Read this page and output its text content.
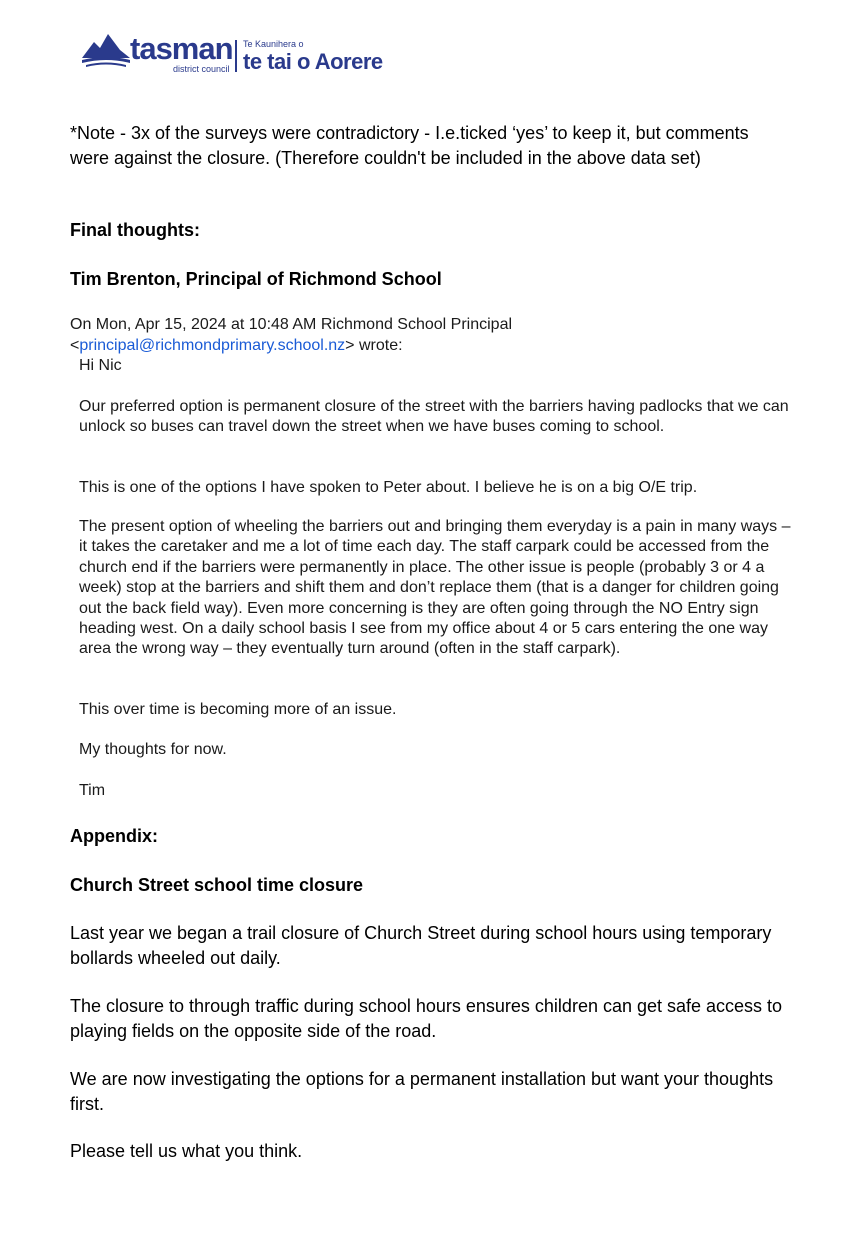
tasman
district council
Te Kaunihera o
te tai o Aorere

*Note - 3x of the surveys were contradictory - I.e.ticked ‘yes’ to keep it, but comments were against the closure. (Therefore couldn't be included in the above data set)

Final thoughts:

Tim Brenton, Principal of Richmond School

On Mon, Apr 15, 2024 at 10:48 AM Richmond School Principal
<principal@richmondprimary.school.nz> wrote:

Hi Nic

Our preferred option is permanent closure of the street with the barriers having padlocks that we can unlock so buses can travel down the street when we have buses coming to school.

This is one of the options I have spoken to Peter about. I believe he is on a big O/E trip.

The present option of wheeling the barriers out and bringing them everyday is a pain in many ways – it takes the caretaker and me a lot of time each day. The staff carpark could be accessed from the church end if the barriers were permanently in place. The other issue is people (probably 3 or 4 a week) stop at the barriers and shift them and don’t replace them (that is a danger for children going out the back field way). Even more concerning is they are often going through the NO Entry sign heading west. On a daily school basis I see from my office about 4 or 5 cars entering the one way area the wrong way – they eventually turn around (often in the staff carpark).

This over time is becoming more of an issue.

My thoughts for now.

Tim

Appendix:

Church Street school time closure

Last year we began a trail closure of Church Street during school hours using temporary bollards wheeled out daily.

The closure to through traffic during school hours ensures children can get safe access to playing fields on the opposite side of the road.

We are now investigating the options for a permanent installation but want your thoughts first.

Please tell us what you think.
